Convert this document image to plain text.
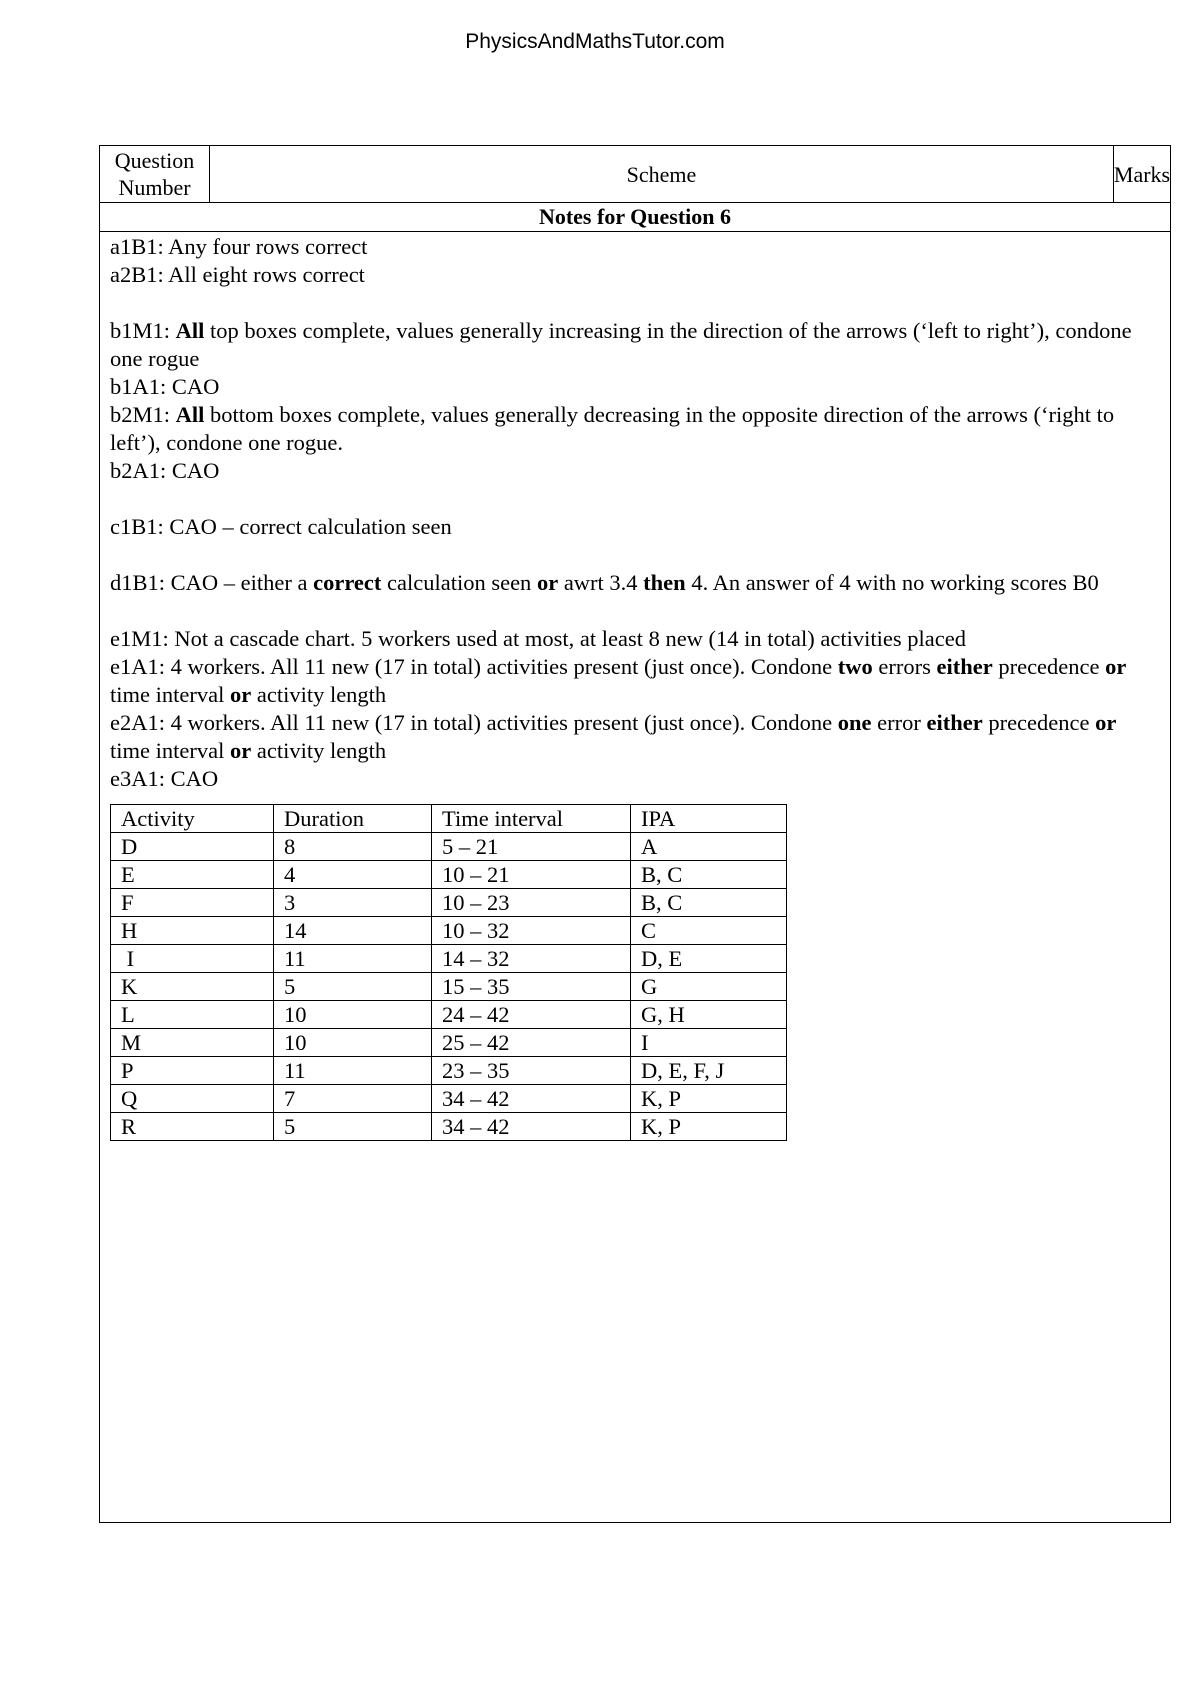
PhysicsAndMathsTutor.com
Question
Number
Scheme	Marks
Notes for Question 6

a1B1: Any four rows correct

a2B1: All eight rows correct

b1M1: All top boxes complete, values generally increasing in the direction of the arrows (‘left to right’), condone one rogue

b1A1: CAO

b2M1: All bottom boxes complete, values generally decreasing in the opposite direction of the arrows (‘right to left’), condone one rogue.

b2A1: CAO

c1B1: CAO – correct calculation seen

d1B1: CAO – either a correct calculation seen or awrt 3.4 then 4. An answer of 4 with no working scores B0

e1M1: Not a cascade chart. 5 workers used at most, at least 8 new (14 in total) activities placed

e1A1: 4 workers. All 11 new (17 in total) activities present (just once). Condone two errors either precedence or time interval or activity length

e2A1: 4 workers. All 11 new (17 in total) activities present (just once). Condone one error either precedence or time interval or activity length

e3A1: CAO

Activity	Duration	Time interval	IPA
D	8	5 – 21	A
E	4	10 – 21	B, C
F	3	10 – 23	B, C
H	14	10 – 32	C
I	11	14 – 32	D, E
K	5	15 – 35	G
L	10	24 – 42	G, H
M	10	25 – 42	I
P	11	23 – 35	D, E, F, J
Q	7	34 – 42	K, P
R	5	34 – 42	K, P
